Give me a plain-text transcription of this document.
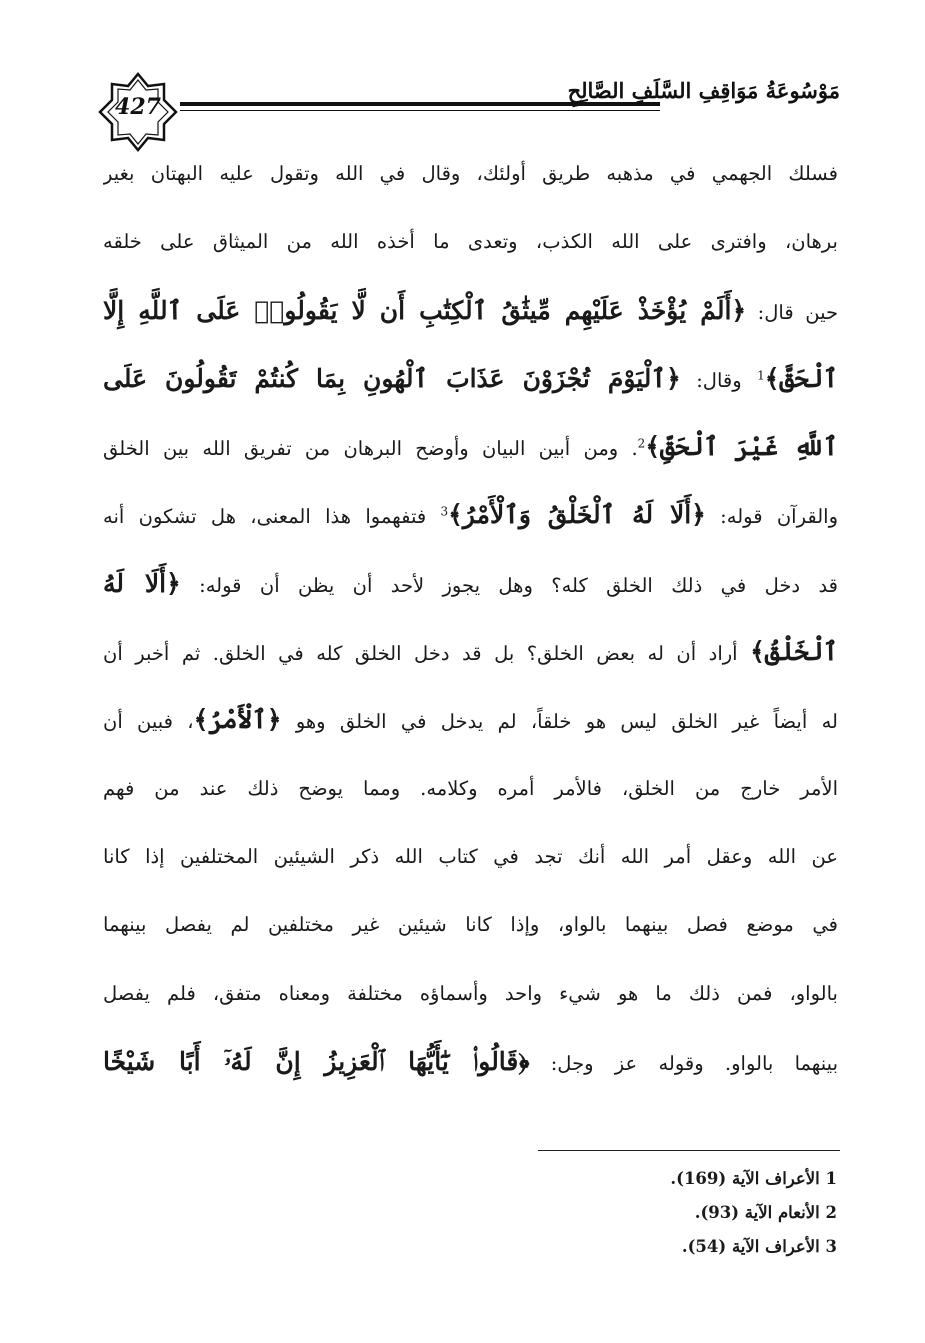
427
مَوْسُوعَةُ مَوَاقِفِ السَّلَفِ الصَّالِحِ
فسلك الجهمي في مذهبه طريق أولئك، وقال في الله وتقول عليه البهتان بغير
برهان، وافترى على الله الكذب، وتعدى ما أخذه الله من الميثاق على خلقه
حين قال: ﴿أَلَمْ يُؤْخَذْ عَلَيْهِم مِّيثَٰقُ ٱلْكِتَٰبِ أَن لَّا يَقُولُوا۟ عَلَى ٱللَّهِ إِلَّا
ٱلْحَقَّ﴾$^1$ وقال: ﴿ٱلْيَوْمَ تُجْزَوْنَ عَذَابَ ٱلْهُونِ بِمَا كُنتُمْ تَقُولُونَ عَلَى
ٱللَّهِ غَيْرَ ٱلْحَقِّ﴾$^2$. ومن أبين البيان وأوضح البرهان من تفريق الله بين الخلق
والقرآن قوله: ﴿أَلَا لَهُ ٱلْخَلْقُ وَٱلْأَمْرُ﴾$^3$ فتفهموا هذا المعنى، هل تشكون أنه
قد دخل في ذلك الخلق كله؟ وهل يجوز لأحد أن يظن أن قوله: ﴿أَلَا لَهُ
ٱلْخَلْقُ﴾ أراد أن له بعض الخلق؟ بل قد دخل الخلق كله في الخلق. ثم أخبر أن
له أيضاً غير الخلق ليس هو خلقاً، لم يدخل في الخلق وهو ﴿ٱلْأَمْرُ﴾، فبين أن
الأمر خارج من الخلق، فالأمر أمره وكلامه. ومما يوضح ذلك عند من فهم
عن الله وعقل أمر الله أنك تجد في كتاب الله ذكر الشيئين المختلفين إذا كانا
في موضع فصل بينهما بالواو، وإذا كانا شيئين غير مختلفين لم يفصل بينهما
بالواو، فمن ذلك ما هو شيء واحد وأسماؤه مختلفة ومعناه متفق، فلم يفصل
بينهما بالواو. وقوله عز وجل: ﴿قَالُوا۟ يَٰٓأَيُّهَا ٱلْعَزِيزُ إِنَّ لَهُۥٓ أَبًا شَيْخًا
1 الأعراف الآية (169).
2 الأنعام الآية (93).
3 الأعراف الآية (54).
